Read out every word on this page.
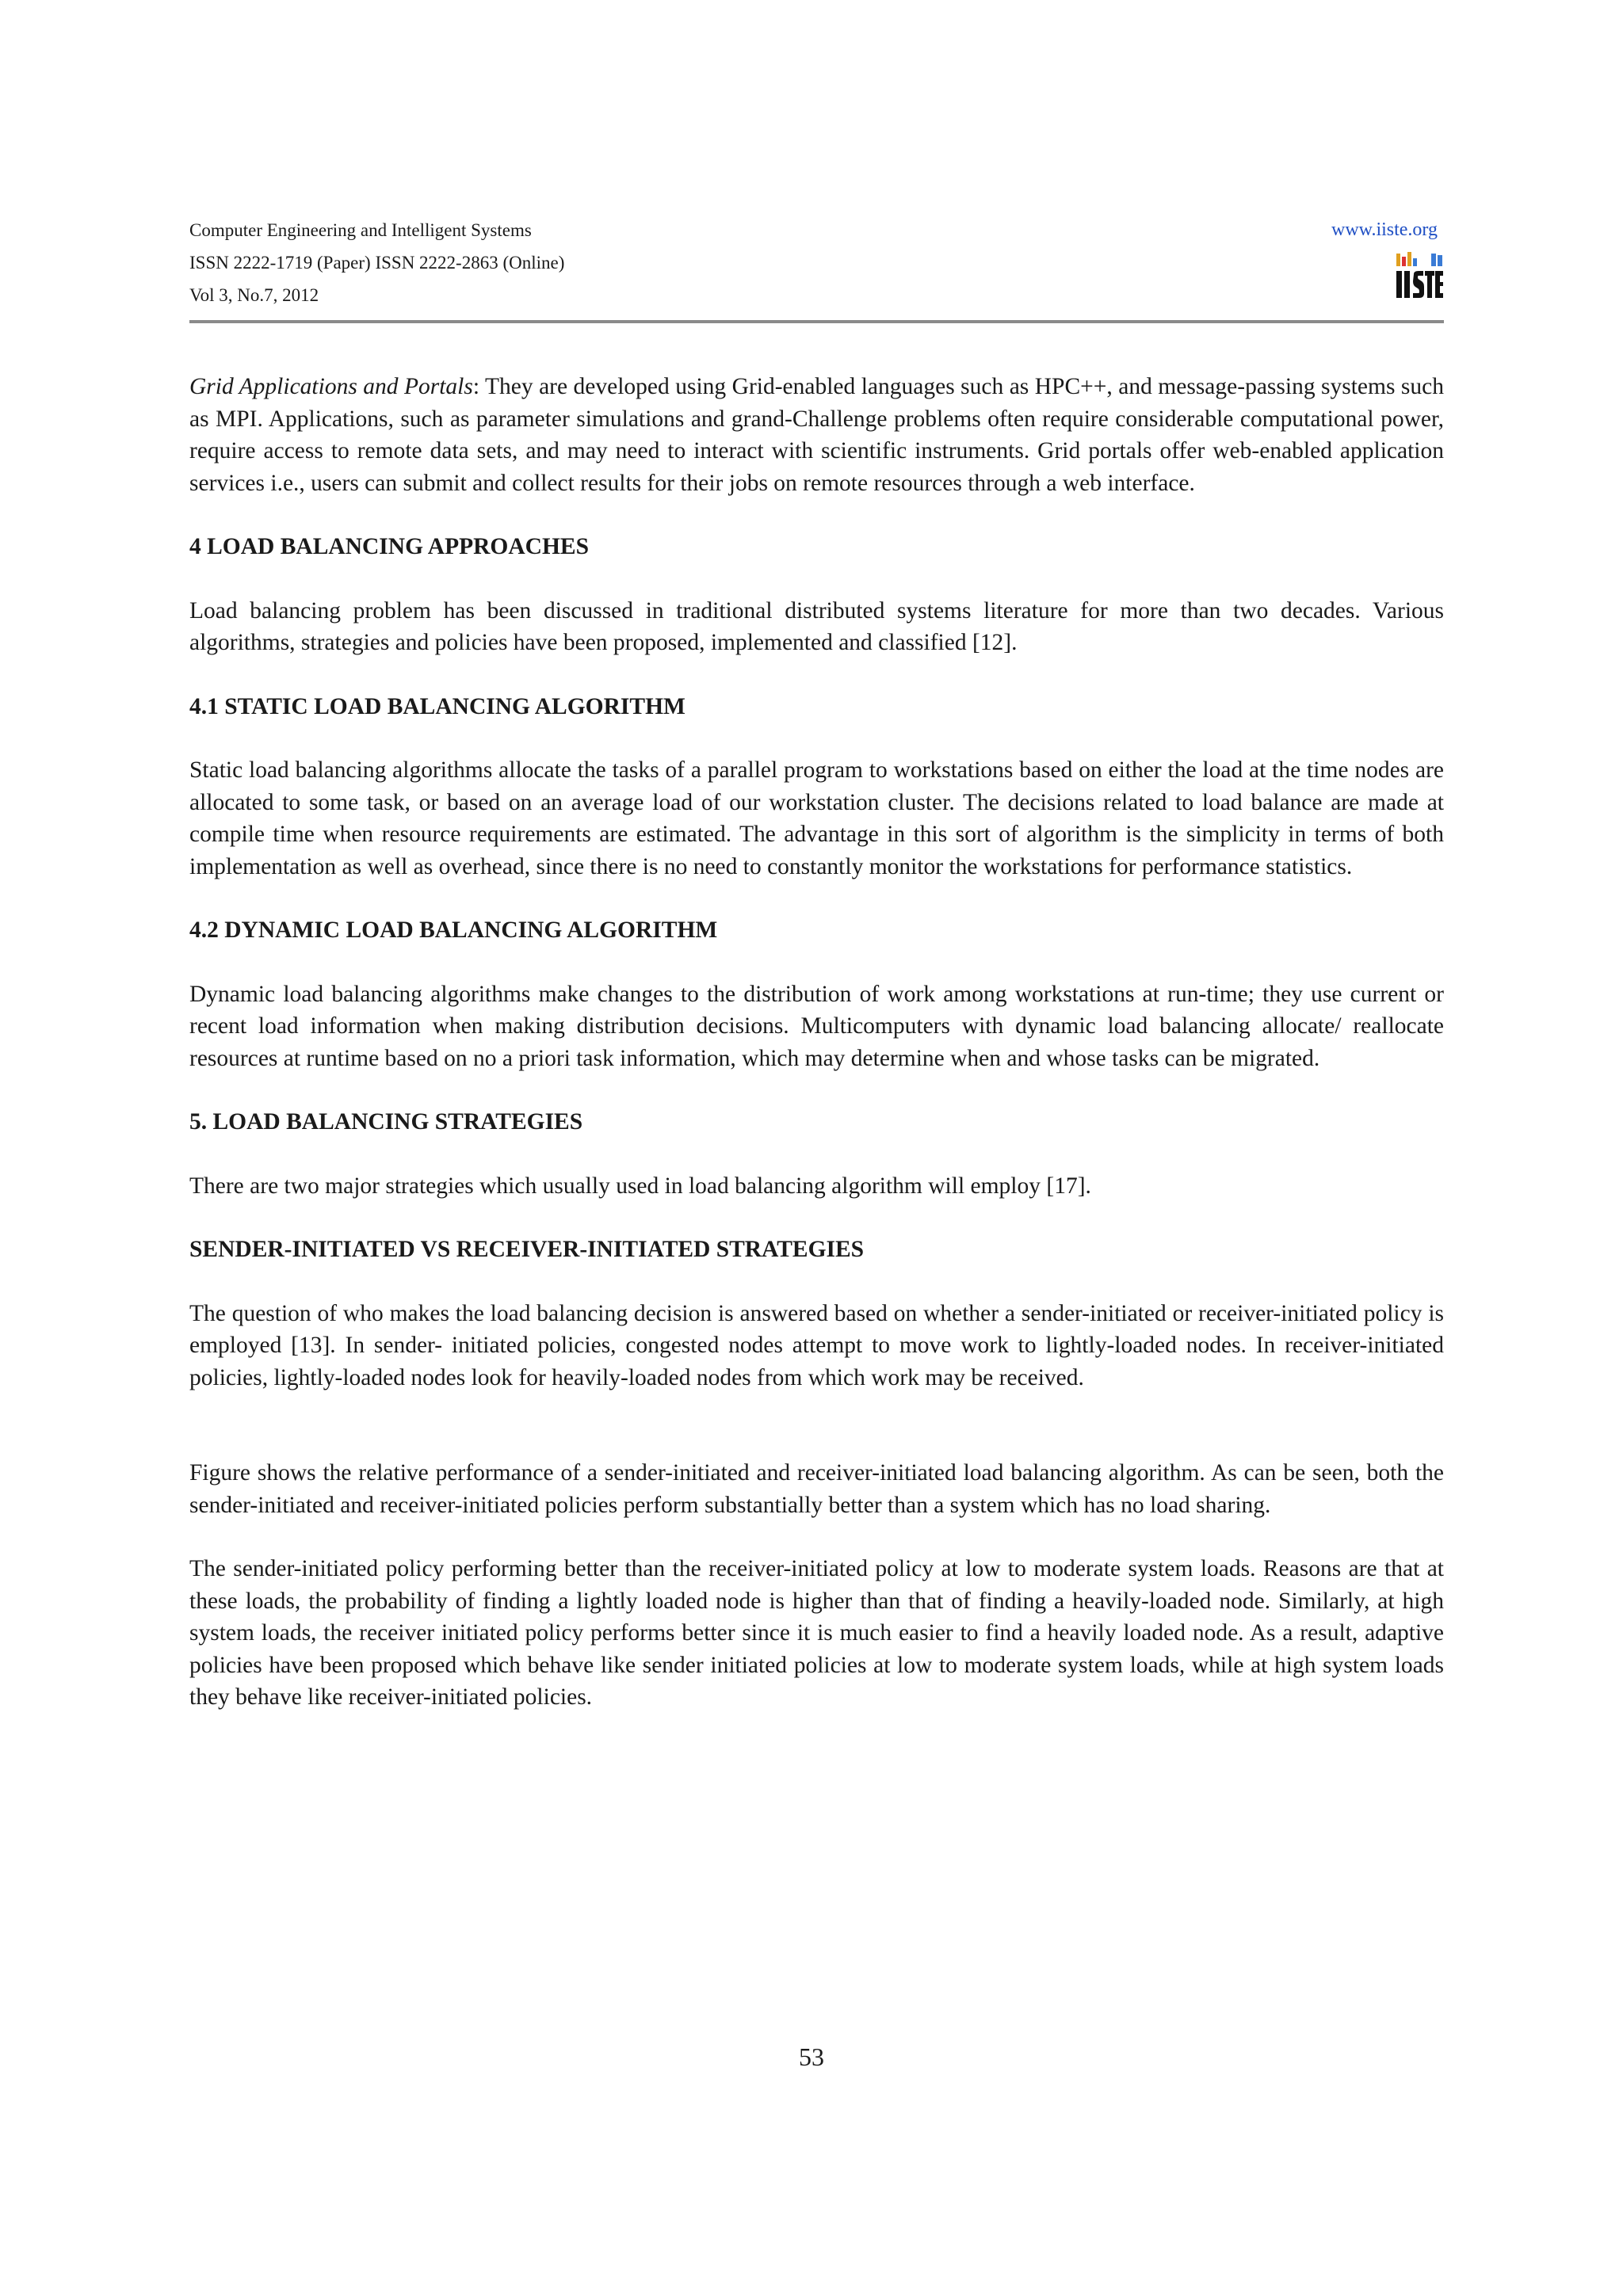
Computer Engineering and Intelligent Systems
ISSN 2222-1719 (Paper) ISSN 2222-2863 (Online)
Vol 3, No.7, 2012
www.iiste.org

Grid Applications and Portals: They are developed using Grid-enabled languages such as HPC++, and message-passing systems such as MPI. Applications, such as parameter simulations and grand-Challenge problems often require considerable computational power, require access to remote data sets, and may need to interact with scientific instruments. Grid portals offer web-enabled application services i.e., users can submit and collect results for their jobs on remote resources through a web interface.

4 LOAD BALANCING APPROACHES

Load balancing problem has been discussed in traditional distributed systems literature for more than two decades. Various algorithms, strategies and policies have been proposed, implemented and classified [12].

4.1 STATIC LOAD BALANCING ALGORITHM

Static load balancing algorithms allocate the tasks of a parallel program to workstations based on either the load at the time nodes are allocated to some task, or based on an average load of our workstation cluster. The decisions related to load balance are made at compile time when resource requirements are estimated. The advantage in this sort of algorithm is the simplicity in terms of both implementation as well as overhead, since there is no need to constantly monitor the workstations for performance statistics.

4.2 DYNAMIC LOAD BALANCING ALGORITHM

Dynamic load balancing algorithms make changes to the distribution of work among workstations at run-time; they use current or recent load information when making distribution decisions. Multicomputers with dynamic load balancing allocate/ reallocate resources at runtime based on no a priori task information, which may determine when and whose tasks can be migrated.

5. LOAD BALANCING STRATEGIES

There are two major strategies which usually used in load balancing algorithm will employ [17].

SENDER-INITIATED VS RECEIVER-INITIATED STRATEGIES

The question of who makes the load balancing decision is answered based on whether a sender-initiated or receiver-initiated policy is employed [13]. In sender- initiated policies, congested nodes attempt to move work to lightly-loaded nodes. In receiver-initiated policies, lightly-loaded nodes look for heavily-loaded nodes from which work may be received.

Figure shows the relative performance of a sender-initiated and receiver-initiated load balancing algorithm. As can be seen, both the sender-initiated and receiver-initiated policies perform substantially better than a system which has no load sharing.

The sender-initiated policy performing better than the receiver-initiated policy at low to moderate system loads. Reasons are that at these loads, the probability of finding a lightly loaded node is higher than that of finding a heavily-loaded node. Similarly, at high system loads, the receiver initiated policy performs better since it is much easier to find a heavily loaded node. As a result, adaptive policies have been proposed which behave like sender initiated policies at low to moderate system loads, while at high system loads they behave like receiver-initiated policies.

53
